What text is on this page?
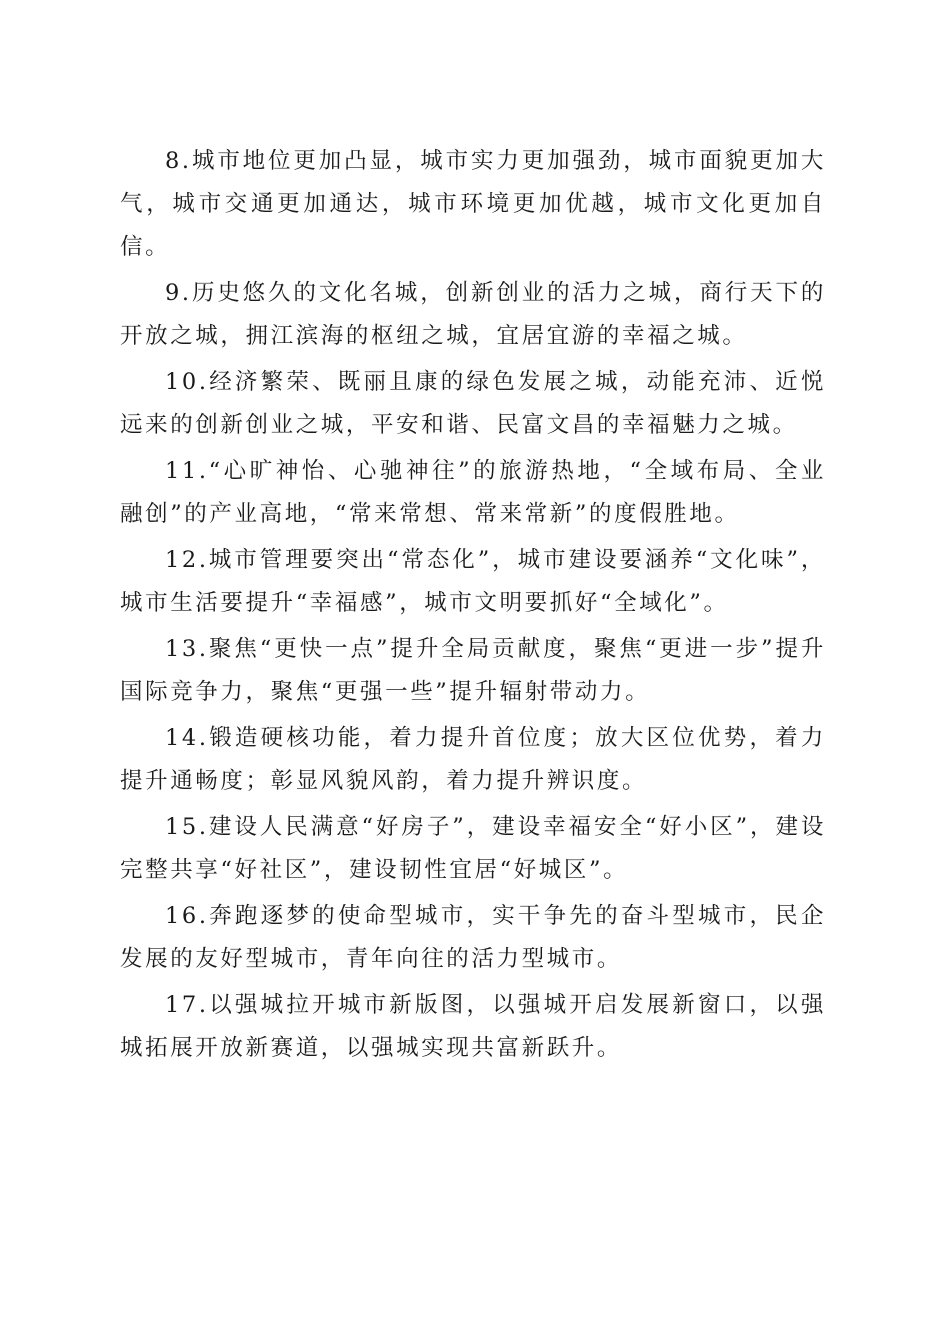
8.城市地位更加凸显，城市实力更加强劲，城市面貌更加大气，城市交通更加通达，城市环境更加优越，城市文化更加自信。

9.历史悠久的文化名城，创新创业的活力之城，商行天下的开放之城，拥江滨海的枢纽之城，宜居宜游的幸福之城。

10.经济繁荣、既丽且康的绿色发展之城，动能充沛、近悦远来的创新创业之城，平安和谐、民富文昌的幸福魅力之城。

11.“心旷神怡、心驰神往”的旅游热地，“全域布局、全业融创”的产业高地，“常来常想、常来常新”的度假胜地。

12.城市管理要突出“常态化”，城市建设要涵养“文化味”，城市生活要提升“幸福感”，城市文明要抓好“全域化”。

13.聚焦“更快一点”提升全局贡献度，聚焦“更进一步”提升国际竞争力，聚焦“更强一些”提升辐射带动力。

14.锻造硬核功能，着力提升首位度；放大区位优势，着力提升通畅度；彰显风貌风韵，着力提升辨识度。

15.建设人民满意“好房子”，建设幸福安全“好小区”，建设完整共享“好社区”，建设韧性宜居“好城区”。

16.奔跑逐梦的使命型城市，实干争先的奋斗型城市，民企发展的友好型城市，青年向往的活力型城市。

17.以强城拉开城市新版图，以强城开启发展新窗口，以强城拓展开放新赛道，以强城实现共富新跃升。
